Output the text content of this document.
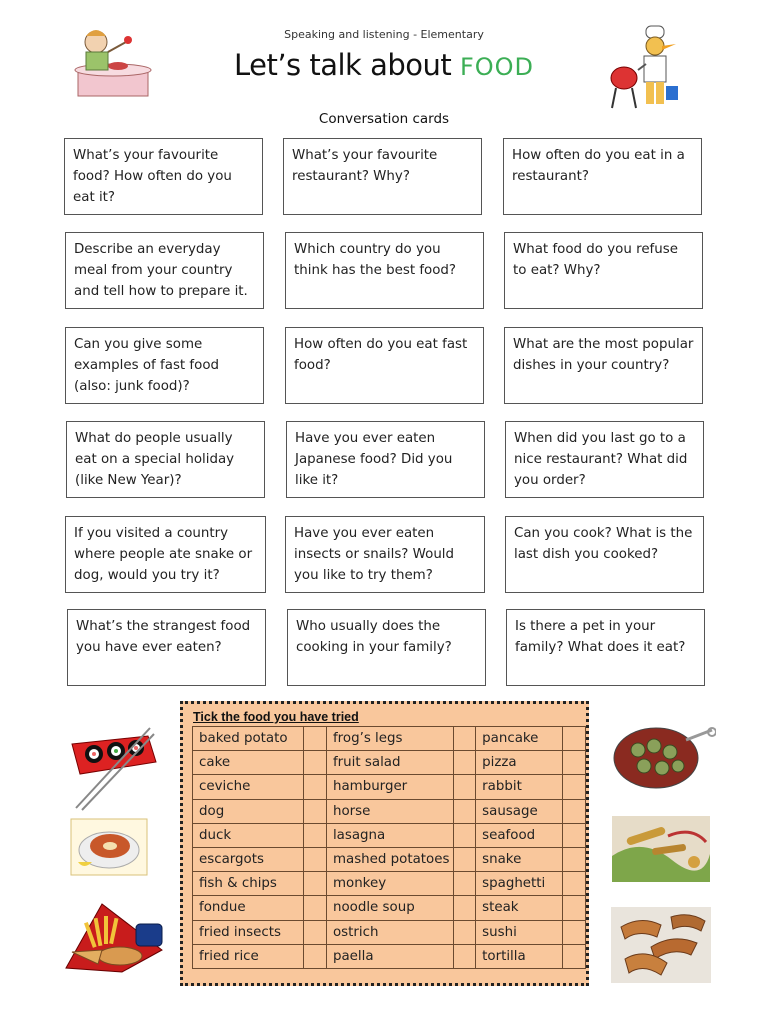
Speaking and listening - Elementary
Let’s talk about FOOD
Conversation cards
What’s your favourite food? How often do you eat it?
What’s your favourite restaurant? Why?
How often do you eat in a restaurant?
Describe an everyday meal from your country and tell how to prepare it.
Which country do you think has the best food?
What food do you refuse to eat? Why?
Can you give some examples of fast food (also: junk food)?
How often do you eat fast food?
What are the most popular dishes in your country?
What do people usually eat on a special holiday (like New Year)?
Have you ever eaten Japanese food? Did you like it?
When did you last go to a nice restaurant? What did you order?
If you visited a country where people ate snake or dog, would you try it?
Have you ever eaten insects or snails? Would you like to try them?
Can you cook? What is the last dish you cooked?
What’s the strangest food you have ever eaten?
Who usually does the cooking in your family?
Is there a pet in your family? What does it eat?
Tick the food you have tried
baked potato		frog’s legs		pancake	
cake		fruit salad		pizza	
ceviche		hamburger		rabbit	
dog		horse		sausage	
duck		lasagna		seafood	
escargots		mashed potatoes		snake	
fish & chips		monkey		spaghetti	
fondue		noodle soup		steak	
fried insects		ostrich		sushi	
fried rice		paella		tortilla	
